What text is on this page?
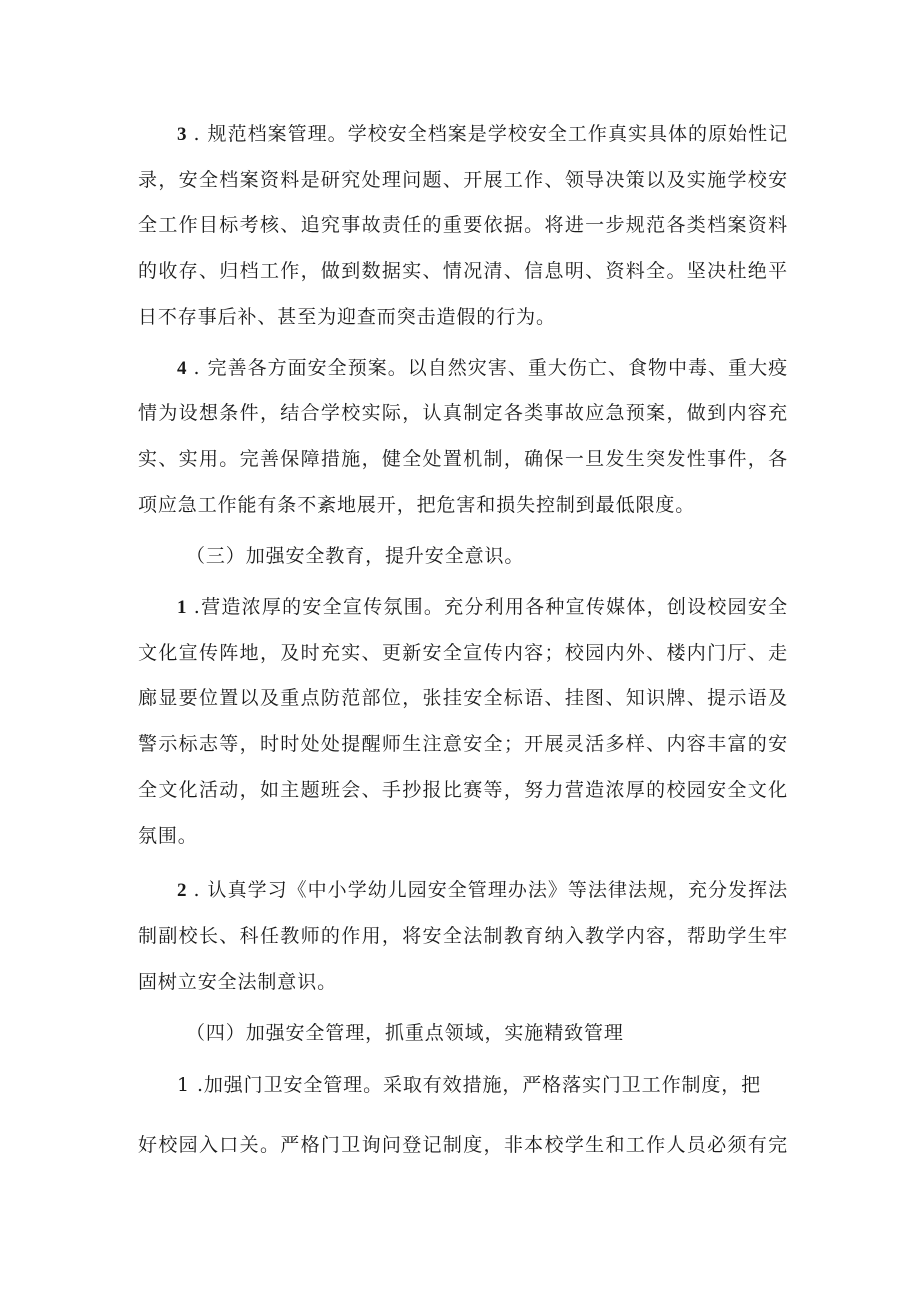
3 . 规范档案管理。学校安全档案是学校安全工作真实具体的原始性记录，安全档案资料是研究处理问题、开展工作、领导决策以及实施学校安全工作目标考核、追究事故责任的重要依据。将进一步规范各类档案资料的收存、归档工作，做到数据实、情况清、信息明、资料全。坚决杜绝平日不存事后补、甚至为迎查而突击造假的行为。

4 . 完善各方面安全预案。以自然灾害、重大伤亡、食物中毒、重大疫情为设想条件，结合学校实际，认真制定各类事故应急预案，做到内容充实、实用。完善保障措施，健全处置机制，确保一旦发生突发性事件，各项应急工作能有条不紊地展开，把危害和损失控制到最低限度。

（三）加强安全教育，提升安全意识。

1 .营造浓厚的安全宣传氛围。充分利用各种宣传媒体，创设校园安全文化宣传阵地，及时充实、更新安全宣传内容；校园内外、楼内门厅、走廊显要位置以及重点防范部位，张挂安全标语、挂图、知识牌、提示语及警示标志等，时时处处提醒师生注意安全；开展灵活多样、内容丰富的安全文化活动，如主题班会、手抄报比赛等，努力营造浓厚的校园安全文化氛围。

2 . 认真学习《中小学幼儿园安全管理办法》等法律法规，充分发挥法制副校长、科任教师的作用，将安全法制教育纳入教学内容，帮助学生牢固树立安全法制意识。

（四）加强安全管理，抓重点领域，实施精致管理

1 .加强门卫安全管理。采取有效措施，严格落实门卫工作制度，把
好校园入口关。严格门卫询问登记制度，非本校学生和工作人员必须有完
